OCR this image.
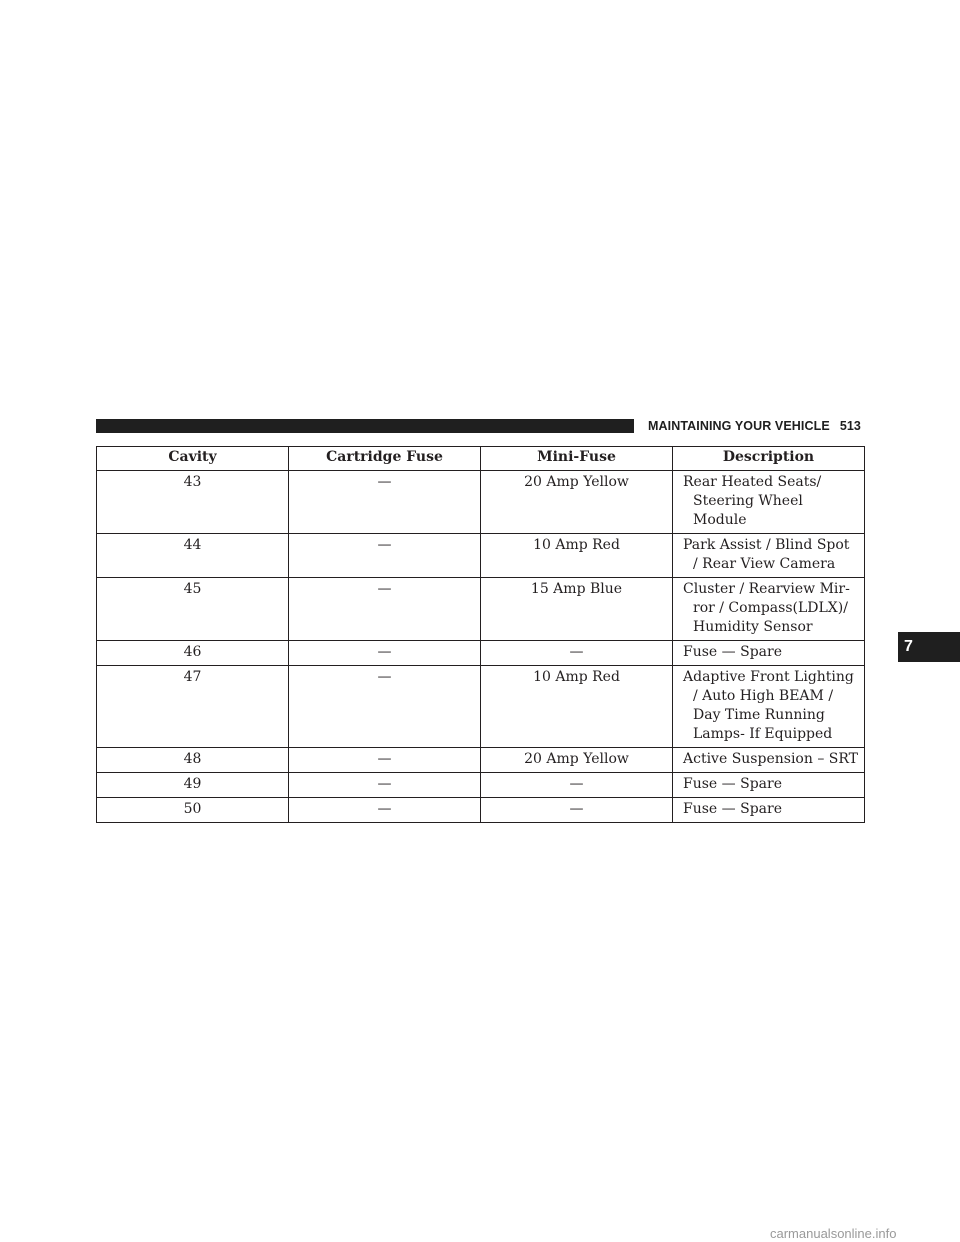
MAINTAINING YOUR VEHICLE 513
7
Cavity	Cartridge Fuse	Mini-Fuse	Description
43	—	20 Amp Yellow	Rear Heated Seats/
Steering Wheel Module

44	—	10 Amp Red	Park Assist / Blind Spot
/ Rear View Camera

45	—	15 Amp Blue	Cluster / Rearview Mir-
ror / Compass(LDLX)/
Humidity Sensor

46	—	—	Fuse — Spare

47	—	10 Amp Red	Adaptive Front Lighting
/ Auto High BEAM /
Day Time Running
Lamps- If Equipped

48	—	20 Amp Yellow	Active Suspension – SRT

49	—	—	Fuse — Spare

50	—	—	Fuse — Spare
carmanualsonline.info
